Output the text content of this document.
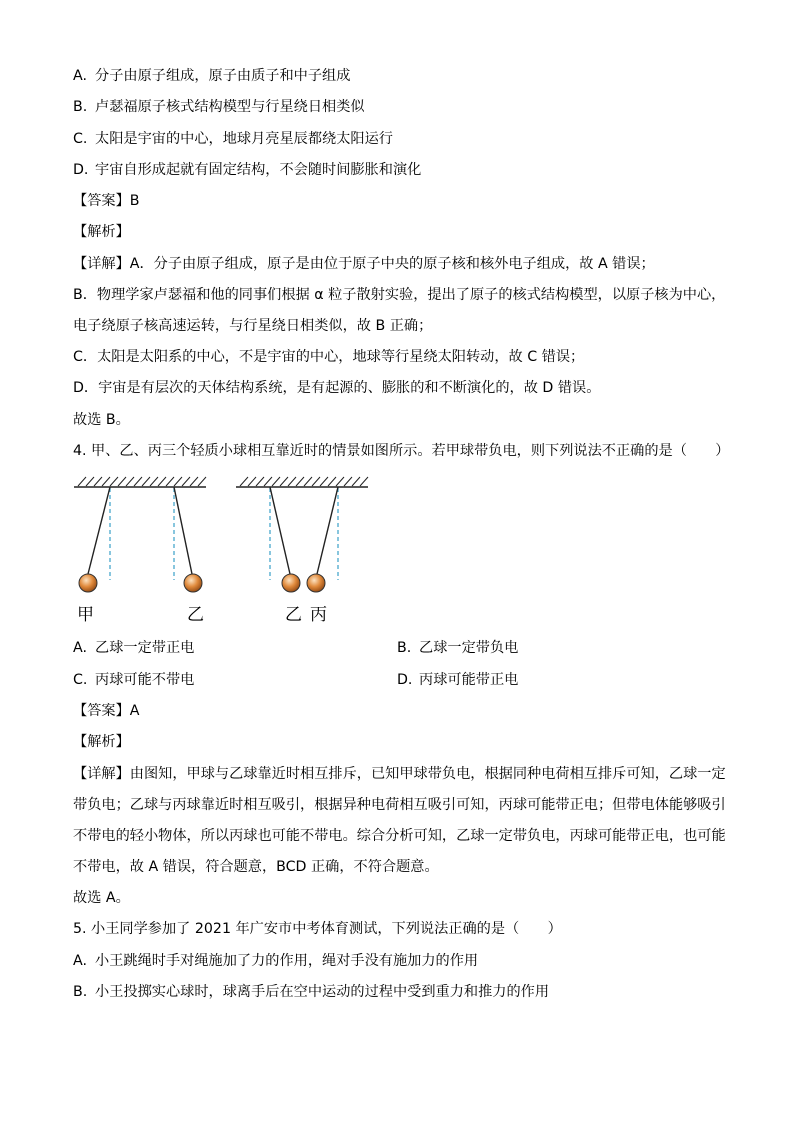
A. 分子由原子组成，原子由质子和中子组成
B. 卢瑟福原子核式结构模型与行星绕日相类似
C. 太阳是宇宙的中心，地球月亮星辰都绕太阳运行
D. 宇宙自形成起就有固定结构，不会随时间膨胀和演化
【答案】B
【解析】
【详解】A．分子由原子组成，原子是由位于原子中央的原子核和核外电子组成，故 A 错误；
B．物理学家卢瑟福和他的同事们根据 α 粒子散射实验，提出了原子的核式结构模型，以原子核为中心，
电子绕原子核高速运转，与行星绕日相类似，故 B 正确；
C．太阳是太阳系的中心，不是宇宙的中心，地球等行星绕太阳转动，故 C 错误；
D．宇宙是有层次的天体结构系统，是有起源的、膨胀的和不断演化的，故 D 错误。
故选 B。
4. 甲、乙、丙三个轻质小球相互靠近时的情景如图所示。若甲球带负电，则下列说法不正确的是（　　）
甲	乙	乙 丙
A. 乙球一定带正电	B. 乙球一定带负电
C. 丙球可能不带电	D. 丙球可能带正电
【答案】A
【解析】
【详解】由图知，甲球与乙球靠近时相互排斥，已知甲球带负电，根据同种电荷相互排斥可知，乙球一定
带负电；乙球与丙球靠近时相互吸引，根据异种电荷相互吸引可知，丙球可能带正电；但带电体能够吸引
不带电的轻小物体，所以丙球也可能不带电。综合分析可知，乙球一定带负电，丙球可能带正电，也可能
不带电，故 A 错误，符合题意，BCD 正确，不符合题意。
故选 A。
5. 小王同学参加了 2021 年广安市中考体育测试，下列说法正确的是（　　）
A. 小王跳绳时手对绳施加了力的作用，绳对手没有施加力的作用
B. 小王投掷实心球时，球离手后在空中运动的过程中受到重力和推力的作用
